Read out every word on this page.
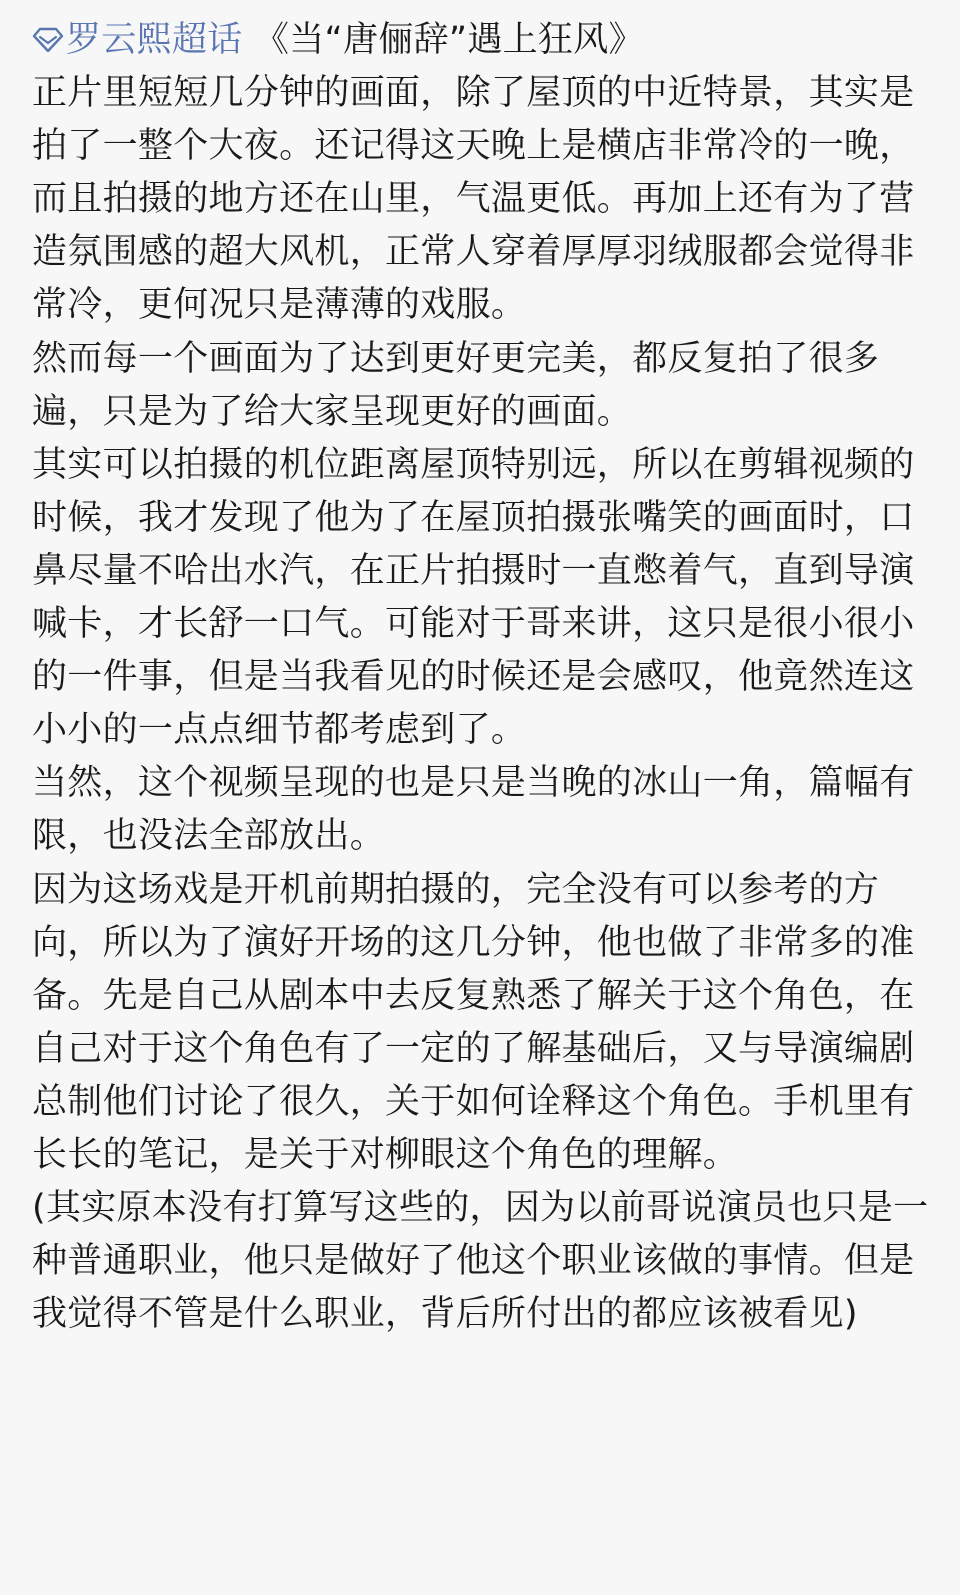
罗云熙超话 《当“唐俪辞”遇上狂风》

正片里短短几分钟的画面，除了屋顶的中近特景，其实是拍了一整个大夜。还记得这天晚上是横店非常冷的一晚，而且拍摄的地方还在山里，气温更低。再加上还有为了营造氛围感的超大风机，正常人穿着厚厚羽绒服都会觉得非常冷，更何况只是薄薄的戏服。

然而每一个画面为了达到更好更完美，都反复拍了很多遍，只是为了给大家呈现更好的画面。

其实可以拍摄的机位距离屋顶特别远，所以在剪辑视频的时候，我才发现了他为了在屋顶拍摄张嘴笑的画面时，口鼻尽量不哈出水汽，在正片拍摄时一直憋着气，直到导演喊卡，才长舒一口气。可能对于哥来讲，这只是很小很小的一件事，但是当我看见的时候还是会感叹，他竟然连这小小的一点点细节都考虑到了。

当然，这个视频呈现的也是只是当晚的冰山一角，篇幅有限，也没法全部放出。

因为这场戏是开机前期拍摄的，完全没有可以参考的方向，所以为了演好开场的这几分钟，他也做了非常多的准备。先是自己从剧本中去反复熟悉了解关于这个角色，在自己对于这个角色有了一定的了解基础后，又与导演编剧总制他们讨论了很久，关于如何诠释这个角色。手机里有长长的笔记，是关于对柳眼这个角色的理解。

(其实原本没有打算写这些的，因为以前哥说演员也只是一种普通职业，他只是做好了他这个职业该做的事情。但是我觉得不管是什么职业，背后所付出的都应该被看见)
